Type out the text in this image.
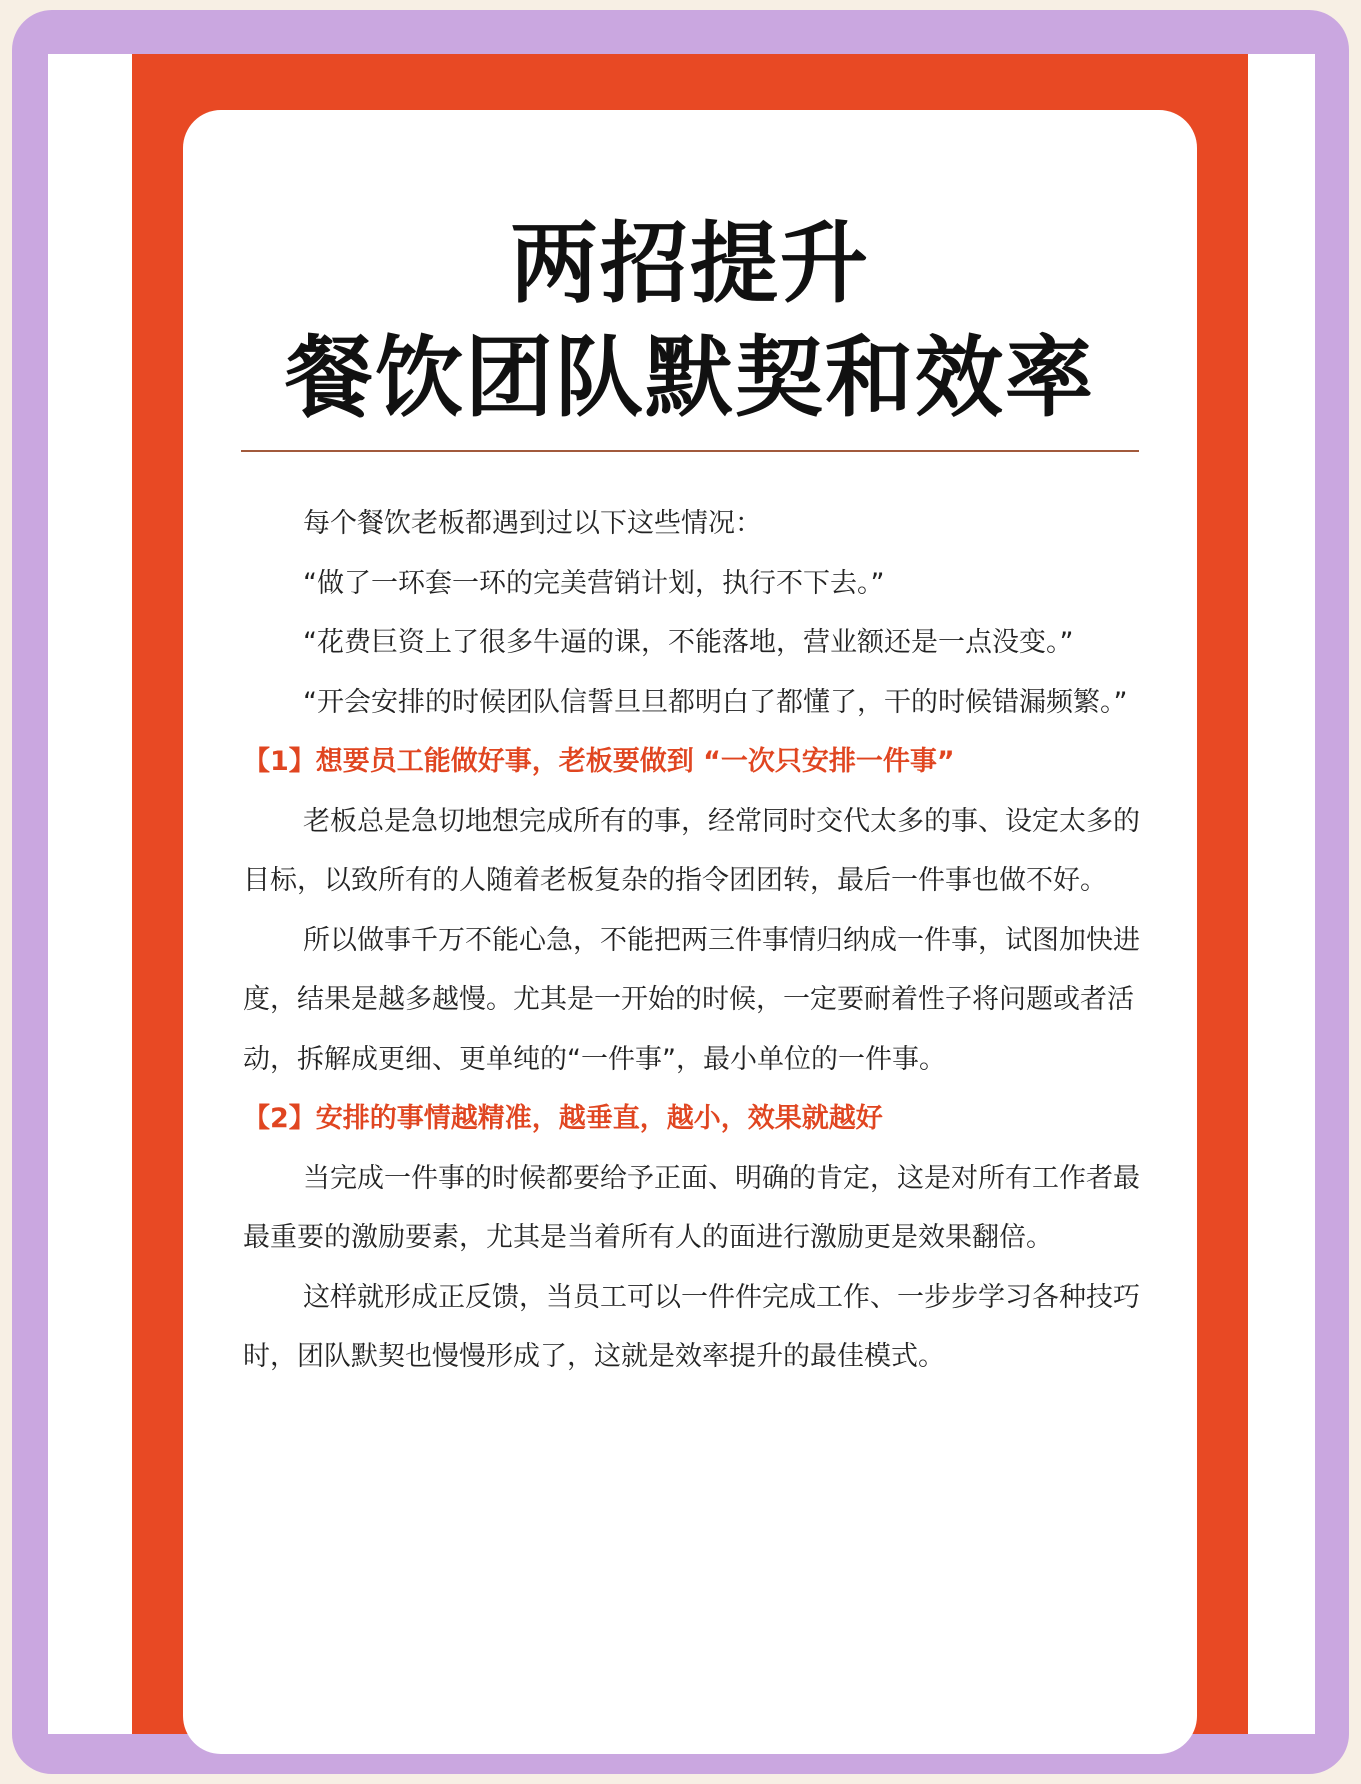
两招提升
餐饮团队默契和效率

每个餐饮老板都遇到过以下这些情况：

“做了一环套一环的完美营销计划，执行不下去。”

“花费巨资上了很多牛逼的课，不能落地，营业额还是一点没变。”

“开会安排的时候团队信誓旦旦都明白了都懂了，干的时候错漏频繁。”

【1】想要员工能做好事，老板要做到 “一次只安排一件事”

老板总是急切地想完成所有的事，经常同时交代太多的事、设定太多的目标，以致所有的人随着老板复杂的指令团团转，最后一件事也做不好。

所以做事千万不能心急，不能把两三件事情归纳成一件事，试图加快进度，结果是越多越慢。尤其是一开始的时候，一定要耐着性子将问题或者活动，拆解成更细、更单纯的“一件事”，最小单位的一件事。

【2】安排的事情越精准，越垂直，越小，效果就越好

当完成一件事的时候都要给予正面、明确的肯定，这是对所有工作者最最重要的激励要素，尤其是当着所有人的面进行激励更是效果翻倍。

这样就形成正反馈，当员工可以一件件完成工作、一步步学习各种技巧时，团队默契也慢慢形成了，这就是效率提升的最佳模式。
